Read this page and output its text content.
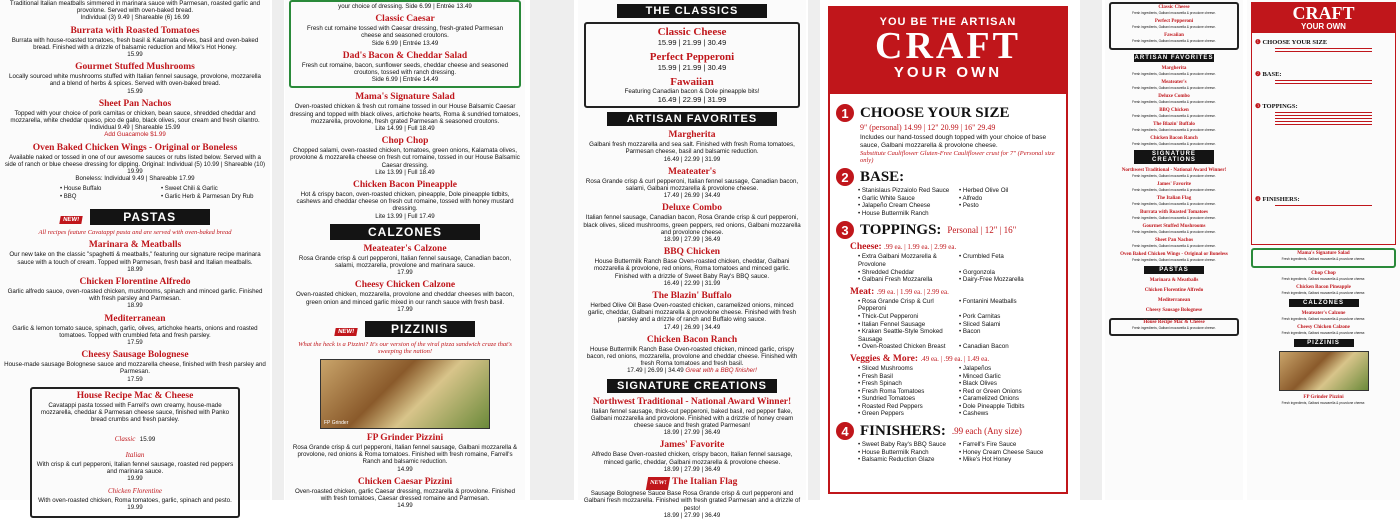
Traditional Italian meatballs simmered in marinara sauce with Parmesan, roasted garlic and provolone. Served with oven-baked bread.
Individual (3) 9.49 | Shareable (6) 16.99
Burrata with Roasted Tomatoes
Burrata with house-roasted tomatoes, fresh basil & Kalamata olives, basil and oven-baked bread. Finished with a drizzle of balsamic reduction and Mike's Hot Honey.
15.99
Gourmet Stuffed Mushrooms
Locally sourced white mushrooms stuffed with Italian fennel sausage, provolone, mozzarella and a blend of herbs & spices. Served with oven-baked bread.
15.99
Sheet Pan Nachos
Topped with your choice of pork carnitas or chicken, bean sauce, shredded cheddar and mozzarella, white cheddar queso, pico de gallo, black olives, sour cream and fresh cilantro. Individual 9.49 | Shareable 15.99
Add Guacamole $1.99
Oven Baked Chicken Wings - Original or Boneless
Available naked or tossed in one of our awesome sauces or rubs listed below. Served with a side of ranch or blue cheese dressing for dipping. Original: Individual (5) 10.99 | Shareable (10) 19.99
Boneless: Individual 9.49 | Shareable 17.99
• House Buffalo	• Sweet Chili & Garlic
• BBQ	• Garlic Herb & Parmesan Dry Rub
NEW!	PASTAS
All recipes feature Cavatappi pasta and are served with oven-baked bread
Marinara & Meatballs
Our new take on the classic "spaghetti & meatballs," featuring our signature recipe marinara sauce with a touch of cream. Topped with Parmesan, fresh basil and Italian meatballs.
18.99
Chicken Florentine Alfredo
Garlic alfredo sauce, oven-roasted chicken, mushrooms, spinach and minced garlic. Finished with fresh parsley and Parmesan.
18.99
Mediterranean
Garlic & lemon tomato sauce, spinach, garlic, olives, artichoke hearts, onions and roasted tomatoes. Topped with crumbled feta and fresh parsley.
17.59
Cheesy Sausage Bolognese
House-made sausage Bolognese sauce and mozzarella cheese, finished with fresh parsley and Parmesan.
17.59
House Recipe Mac & Cheese
Cavatappi pasta tossed with Farrell's own creamy, house-made mozzarella, cheddar & Parmesan cheese sauce, finished with Panko bread crumbs and fresh parsley.
Classic 15.99
Italian
With crisp & curl pepperoni, Italian fennel sausage, roasted red peppers and marinara sauce.
19.99
Chicken Florentine
With oven-roasted chicken, Roma tomatoes, garlic, spinach and pesto.
19.99
your choice of dressing. Side 6.99 | Entrée 13.49
Classic Caesar
Fresh cut romaine tossed with Caesar dressing, fresh-grated Parmesan cheese and seasoned croutons.
Side 6.99 | Entrée 13.49
Dad's Bacon & Cheddar Salad
Fresh cut romaine, bacon, sunflower seeds, cheddar cheese and seasoned croutons, tossed with ranch dressing.
Side 6.99 | Entrée 14.49
Mama's Signature Salad
Oven-roasted chicken & fresh cut romaine tossed in our House Balsamic Caesar dressing and topped with black olives, artichoke hearts, Roma & sundried tomatoes, mozzarella, provolone, fresh grated Parmesan & seasoned croutons.
Lite 14.99 | Full 18.49
Chop Chop
Chopped salami, oven-roasted chicken, tomatoes, green onions, Kalamata olives, provolone & mozzarella cheese on fresh cut romaine, tossed in our House Balsamic Caesar dressing.
Lite 13.99 | Full 18.49
Chicken Bacon Pineapple
Hot & crispy bacon, oven-roasted chicken, pineapple, Dole pineapple tidbits, cashews and cheddar cheese on fresh cut romaine, tossed with honey mustard dressing.
Lite 13.99 | Full 17.49
CALZONES
Meateater's Calzone
Rosa Grande crisp & curl pepperoni, Italian fennel sausage, Canadian bacon, salami, mozzarella, provolone and marinara sauce.
17.99
Cheesy Chicken Calzone
Oven-roasted chicken, mozzarella, provolone and cheddar cheeses with bacon, green onion and minced garlic mixed in our ranch sauce with fresh basil.
17.99
NEW!	PIZZINIS
What the heck is a Pizzini? It's our version of the viral pizza sandwich craze that's sweeping the nation!
FP Grinder
FP Grinder Pizzini
Rosa Grande crisp & curl pepperoni, Italian fennel sausage, Galbani mozzarella & provolone, red onions & Roma tomatoes. Finished with fresh romaine, Farrell's Ranch and balsamic reduction.
14.99
Chicken Caesar Pizzini
Oven-roasted chicken, garlic Caesar dressing, mozzarella & provolone. Finished with fresh tomatoes, Caesar dressed romaine and Parmesan.
14.99
THE CLASSICS
Classic Cheese
15.99 | 21.99 | 30.49
Perfect Pepperoni
15.99 | 21.99 | 30.49
Fawaiian
Featuring Canadian bacon & Dole pineapple bits!
16.49 | 22.99 | 31.99
ARTISAN FAVORITES
Margherita
Galbani fresh mozzarella and sea salt. Finished with fresh Roma tomatoes, Parmesan cheese, basil and balsamic reduction.
16.49 | 22.99 | 31.99
Meateater's
Rosa Grande crisp & curl pepperoni, Italian fennel sausage, Canadian bacon, salami, Galbani mozzarella & provolone cheese.
17.49 | 26.99 | 34.49
Deluxe Combo
Italian fennel sausage, Canadian bacon, Rosa Grande crisp & curl pepperoni, black olives, sliced mushrooms, green peppers, red onions, Galbani mozzarella and provolone cheese.
18.99 | 27.99 | 36.49
BBQ Chicken
House Buttermilk Ranch Base Oven-roasted chicken, cheddar, Galbani mozzarella & provolone, red onions, Roma tomatoes and minced garlic. Finished with a drizzle of Sweet Baby Ray's BBQ sauce.
16.49 | 22.99 | 31.99
The Blazin' Buffalo
Herbed Olive Oil Base Oven-roasted chicken, caramelized onions, minced garlic, cheddar, Galbani mozzarella & provolone cheese. Finished with fresh parsley and a drizzle of ranch and Buffalo wing sauce.
17.49 | 26.99 | 34.49
Chicken Bacon Ranch
House Buttermilk Ranch Base Oven-roasted chicken, minced garlic, crispy bacon, red onions, mozzarella, provolone and cheddar cheese. Finished with fresh Roma tomatoes and fresh basil.
17.49 | 26.99 | 34.49 Great with a BBQ finisher!
SIGNATURE CREATIONS
Northwest Traditional - National Award Winner!
Italian fennel sausage, thick-cut pepperoni, baked basil, red pepper flake, Galbani mozzarella and provolone. Finished with a drizzle of honey cream cheese sauce and fresh grated Parmesan!
18.99 | 27.99 | 36.49
James' Favorite
Alfredo Base Oven-roasted chicken, crispy bacon, Italian fennel sausage, minced garlic, cheddar, Galbani mozzarella & provolone cheese.
18.99 | 27.99 | 36.49
NEW! The Italian Flag
Sausage Bolognese Sauce Base Rosa Grande crisp & curl pepperoni and Galbani fresh mozzarella. Finished with fresh grated Parmesan and a drizzle of pesto!
18.99 | 27.99 | 36.49
YOU BE THE ARTISAN
CRAFT
YOUR OWN
1 CHOOSE YOUR SIZE
9" (personal) 14.99 | 12" 20.99 | 16" 29.49
Includes our hand-tossed dough topped with your choice of base sauce, Galbani mozzarella & provolone cheese.
Substitute Cauliflower Gluten-Free Cauliflower crust for 7" (Personal size only)
2 BASE:
• Stanislaus Pizzaiolo Red Sauce	• Herbed Olive Oil
• Garlic White Sauce	• Alfredo
• Jalapeño Cream Cheese	• Pesto
• House Buttermilk Ranch
3 TOPPINGS: Personal | 12" | 16"
Cheese: .99 ea. | 1.99 ea. | 2.99 ea.
• Extra Galbani Mozzarella & Provolone
• Crumbled Feta
• Shredded Cheddar	• Gorgonzola
• Galbani Fresh Mozzarella	• Dairy-Free Mozzarella
Meat: .99 ea. | 1.99 ea. | 2.99 ea.
• Rosa Grande Crisp & Curl Pepperoni
• Fontanini Meatballs
• Thick-Cut Pepperoni	• Pork Carnitas
• Italian Fennel Sausage	• Sliced Salami
• Kraken Seattle-Style Smoked Sausage
• Bacon
• Oven-Roasted Chicken Breast	• Canadian Bacon
Veggies & More: .49 ea. | .99 ea. | 1.49 ea.
• Sliced Mushrooms	• Jalapeños
• Fresh Basil	• Minced Garlic
• Fresh Spinach	• Black Olives
• Fresh Roma Tomatoes	• Red or Green Onions
• Sundried Tomatoes	• Caramelized Onions
• Roasted Red Peppers	• Dole Pineapple Tidbits
• Green Peppers	• Cashews
4 FINISHERS: .99 each (Any size)
• Sweet Baby Ray's BBQ Sauce	• Farrell's Fire Sauce
• House Buttermilk Ranch	• Honey Cream Cheese Sauce
• Balsamic Reduction Glaze	• Mike's Hot Honey
Classic Cheese
Fresh ingredients, Galbani mozzarella & provolone cheese.
Perfect Pepperoni
Fresh ingredients, Galbani mozzarella & provolone cheese.
Fawaiian
Fresh ingredients, Galbani mozzarella & provolone cheese.
ARTISAN FAVORITES
Margherita
Fresh ingredients, Galbani mozzarella & provolone cheese.
Meateater's
Fresh ingredients, Galbani mozzarella & provolone cheese.
Deluxe Combo
Fresh ingredients, Galbani mozzarella & provolone cheese.
BBQ Chicken
Fresh ingredients, Galbani mozzarella & provolone cheese.
The Blazin' Buffalo
Fresh ingredients, Galbani mozzarella & provolone cheese.
Chicken Bacon Ranch
Fresh ingredients, Galbani mozzarella & provolone cheese.
SIGNATURE CREATIONS
Northwest Traditional - National Award Winner!
Fresh ingredients, Galbani mozzarella & provolone cheese.
James' Favorite
Fresh ingredients, Galbani mozzarella & provolone cheese.
The Italian Flag
Fresh ingredients, Galbani mozzarella & provolone cheese.
Burrata with Roasted Tomatoes
Fresh ingredients, Galbani mozzarella & provolone cheese.
Gourmet Stuffed Mushrooms
Fresh ingredients, Galbani mozzarella & provolone cheese.
Sheet Pan Nachos
Fresh ingredients, Galbani mozzarella & provolone cheese.
Oven Baked Chicken Wings - Original or Boneless
Fresh ingredients, Galbani mozzarella & provolone cheese.
PASTAS
Marinara & Meatballs
Chicken Florentine Alfredo
Mediterranean
Cheesy Sausage Bolognese
House Recipe Mac & Cheese
Fresh ingredients, Galbani mozzarella & provolone cheese.
CRAFT
YOUR OWN
❶ CHOOSE YOUR SIZE
❷ BASE:
❸ TOPPINGS:
❹ FINISHERS:
Mama's Signature Salad
Fresh ingredients, Galbani mozzarella & provolone cheese.
Chop Chop
Fresh ingredients, Galbani mozzarella & provolone cheese.
Chicken Bacon Pineapple
Fresh ingredients, Galbani mozzarella & provolone cheese.
CALZONES
Meateater's Calzone
Fresh ingredients, Galbani mozzarella & provolone cheese.
Cheesy Chicken Calzone
Fresh ingredients, Galbani mozzarella & provolone cheese.
PIZZINIS
FP Grinder Pizzini
Fresh ingredients, Galbani mozzarella & provolone cheese.
